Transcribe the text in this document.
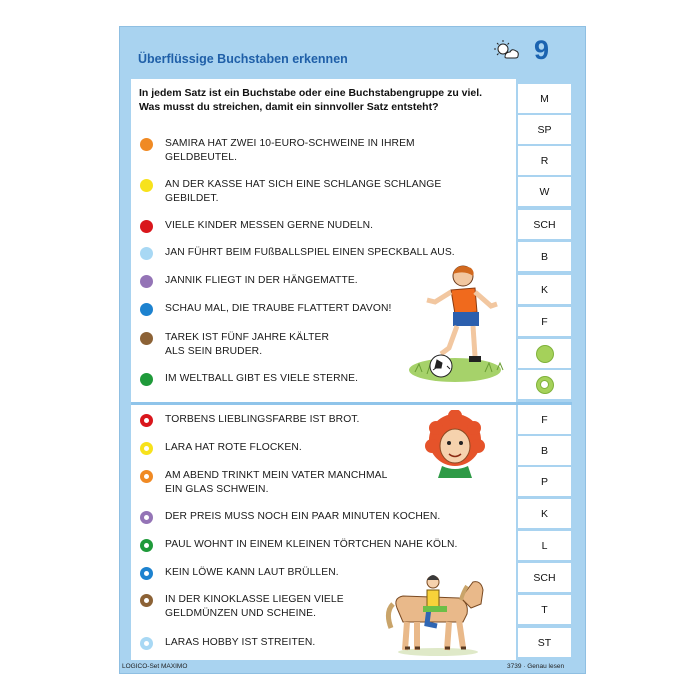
Überflüssige Buchstaben erkennen	9
In jedem Satz ist ein Buchstabe oder eine Buchstabengruppe zu viel.
Was musst du streichen, damit ein sinnvoller Satz entsteht?
SAMIRA HAT ZWEI 10-EURO-SCHWEINE IN IHREM
GELDBEUTEL.
AN DER KASSE HAT SICH EINE SCHLANGE SCHLANGE
GEBILDET.
VIELE KINDER MESSEN GERNE NUDELN.
JAN FÜHRT BEIM FUßBALLSPIEL EINEN SPECKBALL AUS.
JANNIK FLIEGT IN DER HÄNGEMATTE.
SCHAU MAL, DIE TRAUBE FLATTERT DAVON!
TAREK IST FÜNF JAHRE KÄLTER
ALS SEIN BRUDER.
IM WELTBALL GIBT ES VIELE STERNE.
TORBENS LIEBLINGSFARBE IST BROT.
LARA HAT ROTE FLOCKEN.
AM ABEND TRINKT MEIN VATER MANCHMAL
EIN GLAS SCHWEIN.
DER PREIS MUSS NOCH EIN PAAR MINUTEN KOCHEN.
PAUL WOHNT IN EINEM KLEINEN TÖRTCHEN NAHE KÖLN.
KEIN LÖWE KANN LAUT BRÜLLEN.
IN DER KINOKLASSE LIEGEN VIELE
GELDMÜNZEN UND SCHEINE.
LARAS HOBBY IST STREITEN.
M
SP
R
W
SCH
B
K
F
F
B
P
K
L
SCH
T
ST
LOGICO-Set MAXIMO	3739 · Genau lesen
